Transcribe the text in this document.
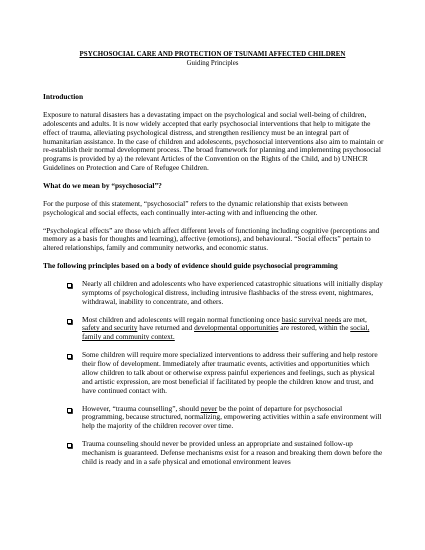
PSYCHOSOCIAL CARE AND PROTECTION OF TSUNAMI AFFECTED CHILDREN
Guiding Principles
Introduction

Exposure to natural disasters has a devastating impact on the psychological and social well-being of children, adolescents and adults. It is now widely accepted that early psychosocial interventions that help to mitigate the effect of trauma, alleviating psychological distress, and strengthen resiliency must be an integral part of humanitarian assistance. In the case of children and adolescents, psychosocial interventions also aim to maintain or re-establish their normal development process. The broad framework for planning and implementing psychosocial programs is provided by a) the relevant Articles of the Convention on the Rights of the Child, and b) UNHCR Guidelines on Protection and Care of Refugee Children.

What do we mean by “psychosocial”?

For the purpose of this statement, “psychosocial” refers to the dynamic relationship that exists between psychological and social effects, each continually inter-acting with and influencing the other.

“Psychological effects” are those which affect different levels of functioning including cognitive (perceptions and memory as a basis for thoughts and learning), affective (emotions), and behavioural. “Social effects” pertain to altered relationships, family and community networks, and economic status.

The following principles based on a body of evidence should guide psychosocial programming
Nearly all children and adolescents who have experienced catastrophic situations will initially display symptoms of psychological distress, including intrusive flashbacks of the stress event, nightmares, withdrawal, inability to concentrate, and others.
Most children and adolescents will regain normal functioning once basic survival needs are met, safety and security have returned and developmental opportunities are restored, within the social, family and community context.
Some children will require more specialized interventions to address their suffering and help restore their flow of development. Immediately after traumatic events, activities and opportunities which allow children to talk about or otherwise express painful experiences and feelings, such as physical and artistic expression, are most beneficial if facilitated by people the children know and trust, and have continued contact with.
However, “trauma counselling”, should never be the point of departure for psychosocial programming, because structured, normalizing, empowering activities within a safe environment will help the majority of the children recover over time.
Trauma counseling should never be provided unless an appropriate and sustained follow-up mechanism is guaranteed. Defense mechanisms exist for a reason and breaking them down before the child is ready and in a safe physical and emotional environment leaves
